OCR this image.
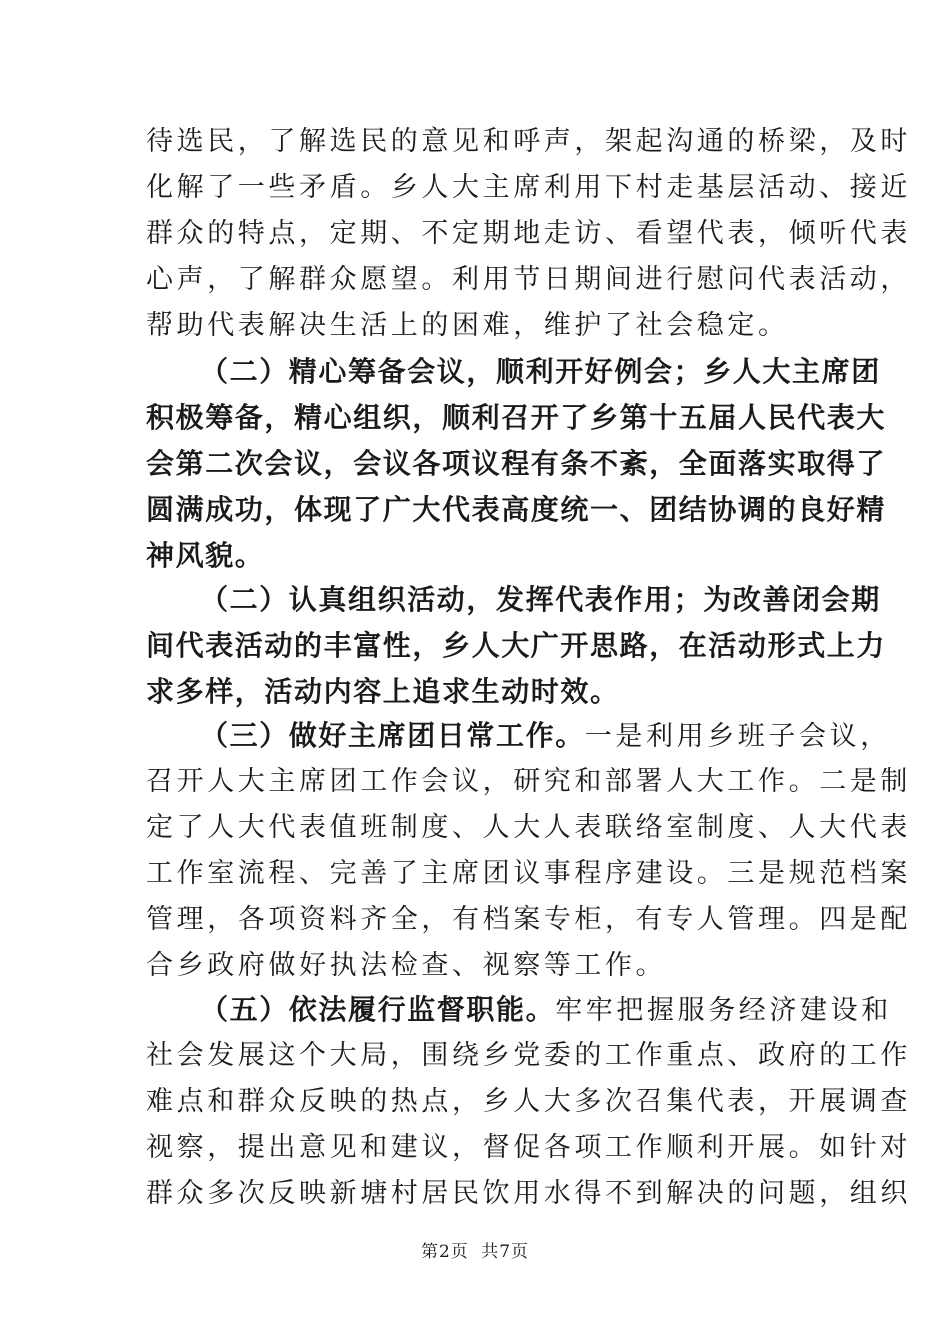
待选民，了解选民的意见和呼声，架起沟通的桥梁，及时
化解了一些矛盾。乡人大主席利用下村走基层活动、接近
群众的特点，定期、不定期地走访、看望代表，倾听代表
心声，了解群众愿望。利用节日期间进行慰问代表活动，
帮助代表解决生活上的困难，维护了社会稳定。
（二）精心筹备会议，顺利开好例会；乡人大主席团
积极筹备，精心组织，顺利召开了乡第十五届人民代表大
会第二次会议，会议各项议程有条不紊，全面落实取得了
圆满成功，体现了广大代表高度统一、团结协调的良好精
神风貌。
（二）认真组织活动，发挥代表作用；为改善闭会期
间代表活动的丰富性，乡人大广开思路，在活动形式上力
求多样，活动内容上追求生动时效。
（三）做好主席团日常工作。一是利用乡班子会议，
召开人大主席团工作会议，研究和部署人大工作。二是制
定了人大代表值班制度、人大人表联络室制度、人大代表
工作室流程、完善了主席团议事程序建设。三是规范档案
管理，各项资料齐全，有档案专柜，有专人管理。四是配
合乡政府做好执法检查、视察等工作。
（五）依法履行监督职能。牢牢把握服务经济建设和
社会发展这个大局，围绕乡党委的工作重点、政府的工作
难点和群众反映的热点，乡人大多次召集代表，开展调查
视察，提出意见和建议，督促各项工作顺利开展。如针对
群众多次反映新塘村居民饮用水得不到解决的问题，组织
第2页 共7页
